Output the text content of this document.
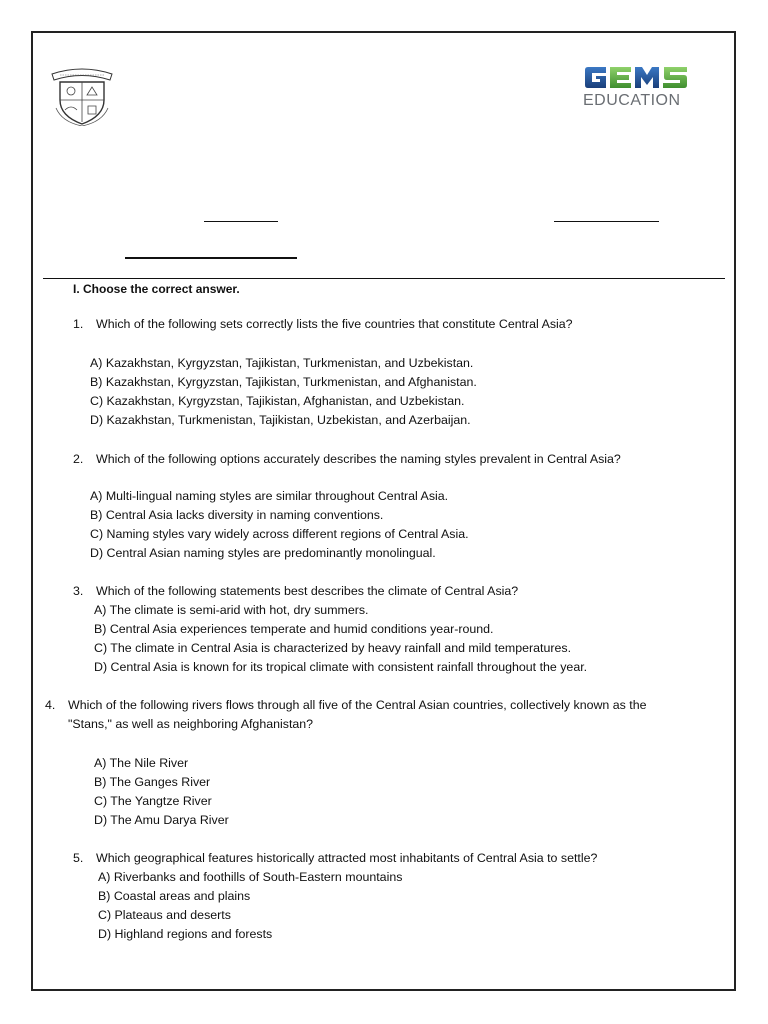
EDUCATION
I. Choose the correct answer.
1. Which of the following sets correctly lists the five countries that constitute Central Asia?
A) Kazakhstan, Kyrgyzstan, Tajikistan, Turkmenistan, and Uzbekistan.
B) Kazakhstan, Kyrgyzstan, Tajikistan, Turkmenistan, and Afghanistan.
C) Kazakhstan, Kyrgyzstan, Tajikistan, Afghanistan, and Uzbekistan.
D) Kazakhstan, Turkmenistan, Tajikistan, Uzbekistan, and Azerbaijan.
2. Which of the following options accurately describes the naming styles prevalent in Central Asia?
A) Multi-lingual naming styles are similar throughout Central Asia.
B) Central Asia lacks diversity in naming conventions.
C) Naming styles vary widely across different regions of Central Asia.
D) Central Asian naming styles are predominantly monolingual.
3. Which of the following statements best describes the climate of Central Asia?
A) The climate is semi-arid with hot, dry summers.
B) Central Asia experiences temperate and humid conditions year-round.
C) The climate in Central Asia is characterized by heavy rainfall and mild temperatures.
D) Central Asia is known for its tropical climate with consistent rainfall throughout the year.
4. Which of the following rivers flows through all five of the Central Asian countries, collectively known as the
"Stans," as well as neighboring Afghanistan?
A) The Nile River
B) The Ganges River
C) The Yangtze River
D) The Amu Darya River
5. Which geographical features historically attracted most inhabitants of Central Asia to settle?
A) Riverbanks and foothills of South-Eastern mountains
B) Coastal areas and plains
C) Plateaus and deserts
D) Highland regions and forests
